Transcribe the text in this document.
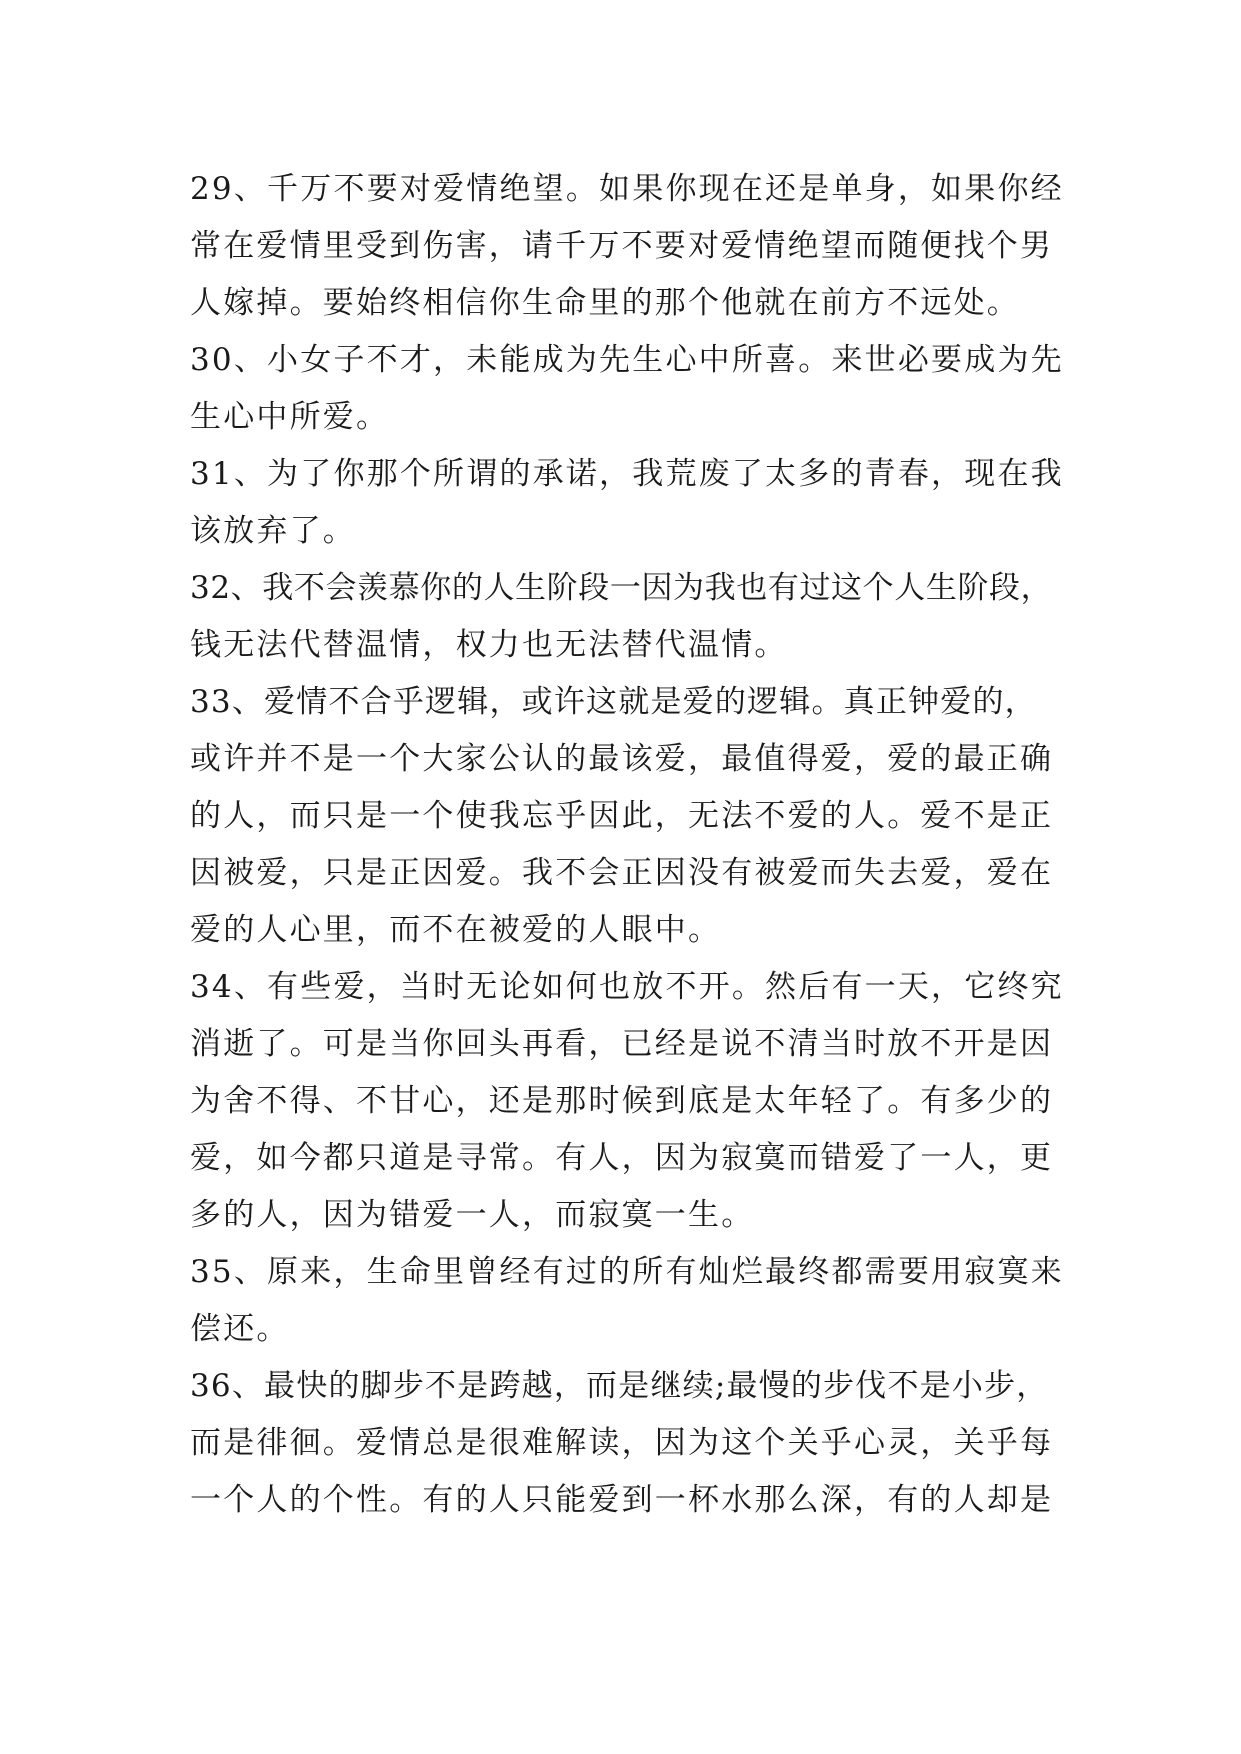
29、千万不要对爱情绝望。如果你现在还是单身，如果你经
常在爱情里受到伤害，请千万不要对爱情绝望而随便找个男
人嫁掉。要始终相信你生命里的那个他就在前方不远处。
30、小女子不才，未能成为先生心中所喜。来世必要成为先
生心中所爱。
31、为了你那个所谓的承诺，我荒废了太多的青春，现在我
该放弃了。
32、我不会羡慕你的人生阶段一因为我也有过这个人生阶段，
钱无法代替温情，权力也无法替代温情。
33、爱情不合乎逻辑，或许这就是爱的逻辑。真正钟爱的，
或许并不是一个大家公认的最该爱，最值得爱，爱的最正确
的人，而只是一个使我忘乎因此，无法不爱的人。爱不是正
因被爱，只是正因爱。我不会正因没有被爱而失去爱，爱在
爱的人心里，而不在被爱的人眼中。
34、有些爱，当时无论如何也放不开。然后有一天，它终究
消逝了。可是当你回头再看，已经是说不清当时放不开是因
为舍不得、不甘心，还是那时候到底是太年轻了。有多少的
爱，如今都只道是寻常。有人，因为寂寞而错爱了一人，更
多的人，因为错爱一人，而寂寞一生。
35、原来，生命里曾经有过的所有灿烂最终都需要用寂寞来
偿还。
36、最快的脚步不是跨越，而是继续;最慢的步伐不是小步，
而是徘徊。爱情总是很难解读，因为这个关乎心灵，关乎每
一个人的个性。有的人只能爱到一杯水那么深，有的人却是
